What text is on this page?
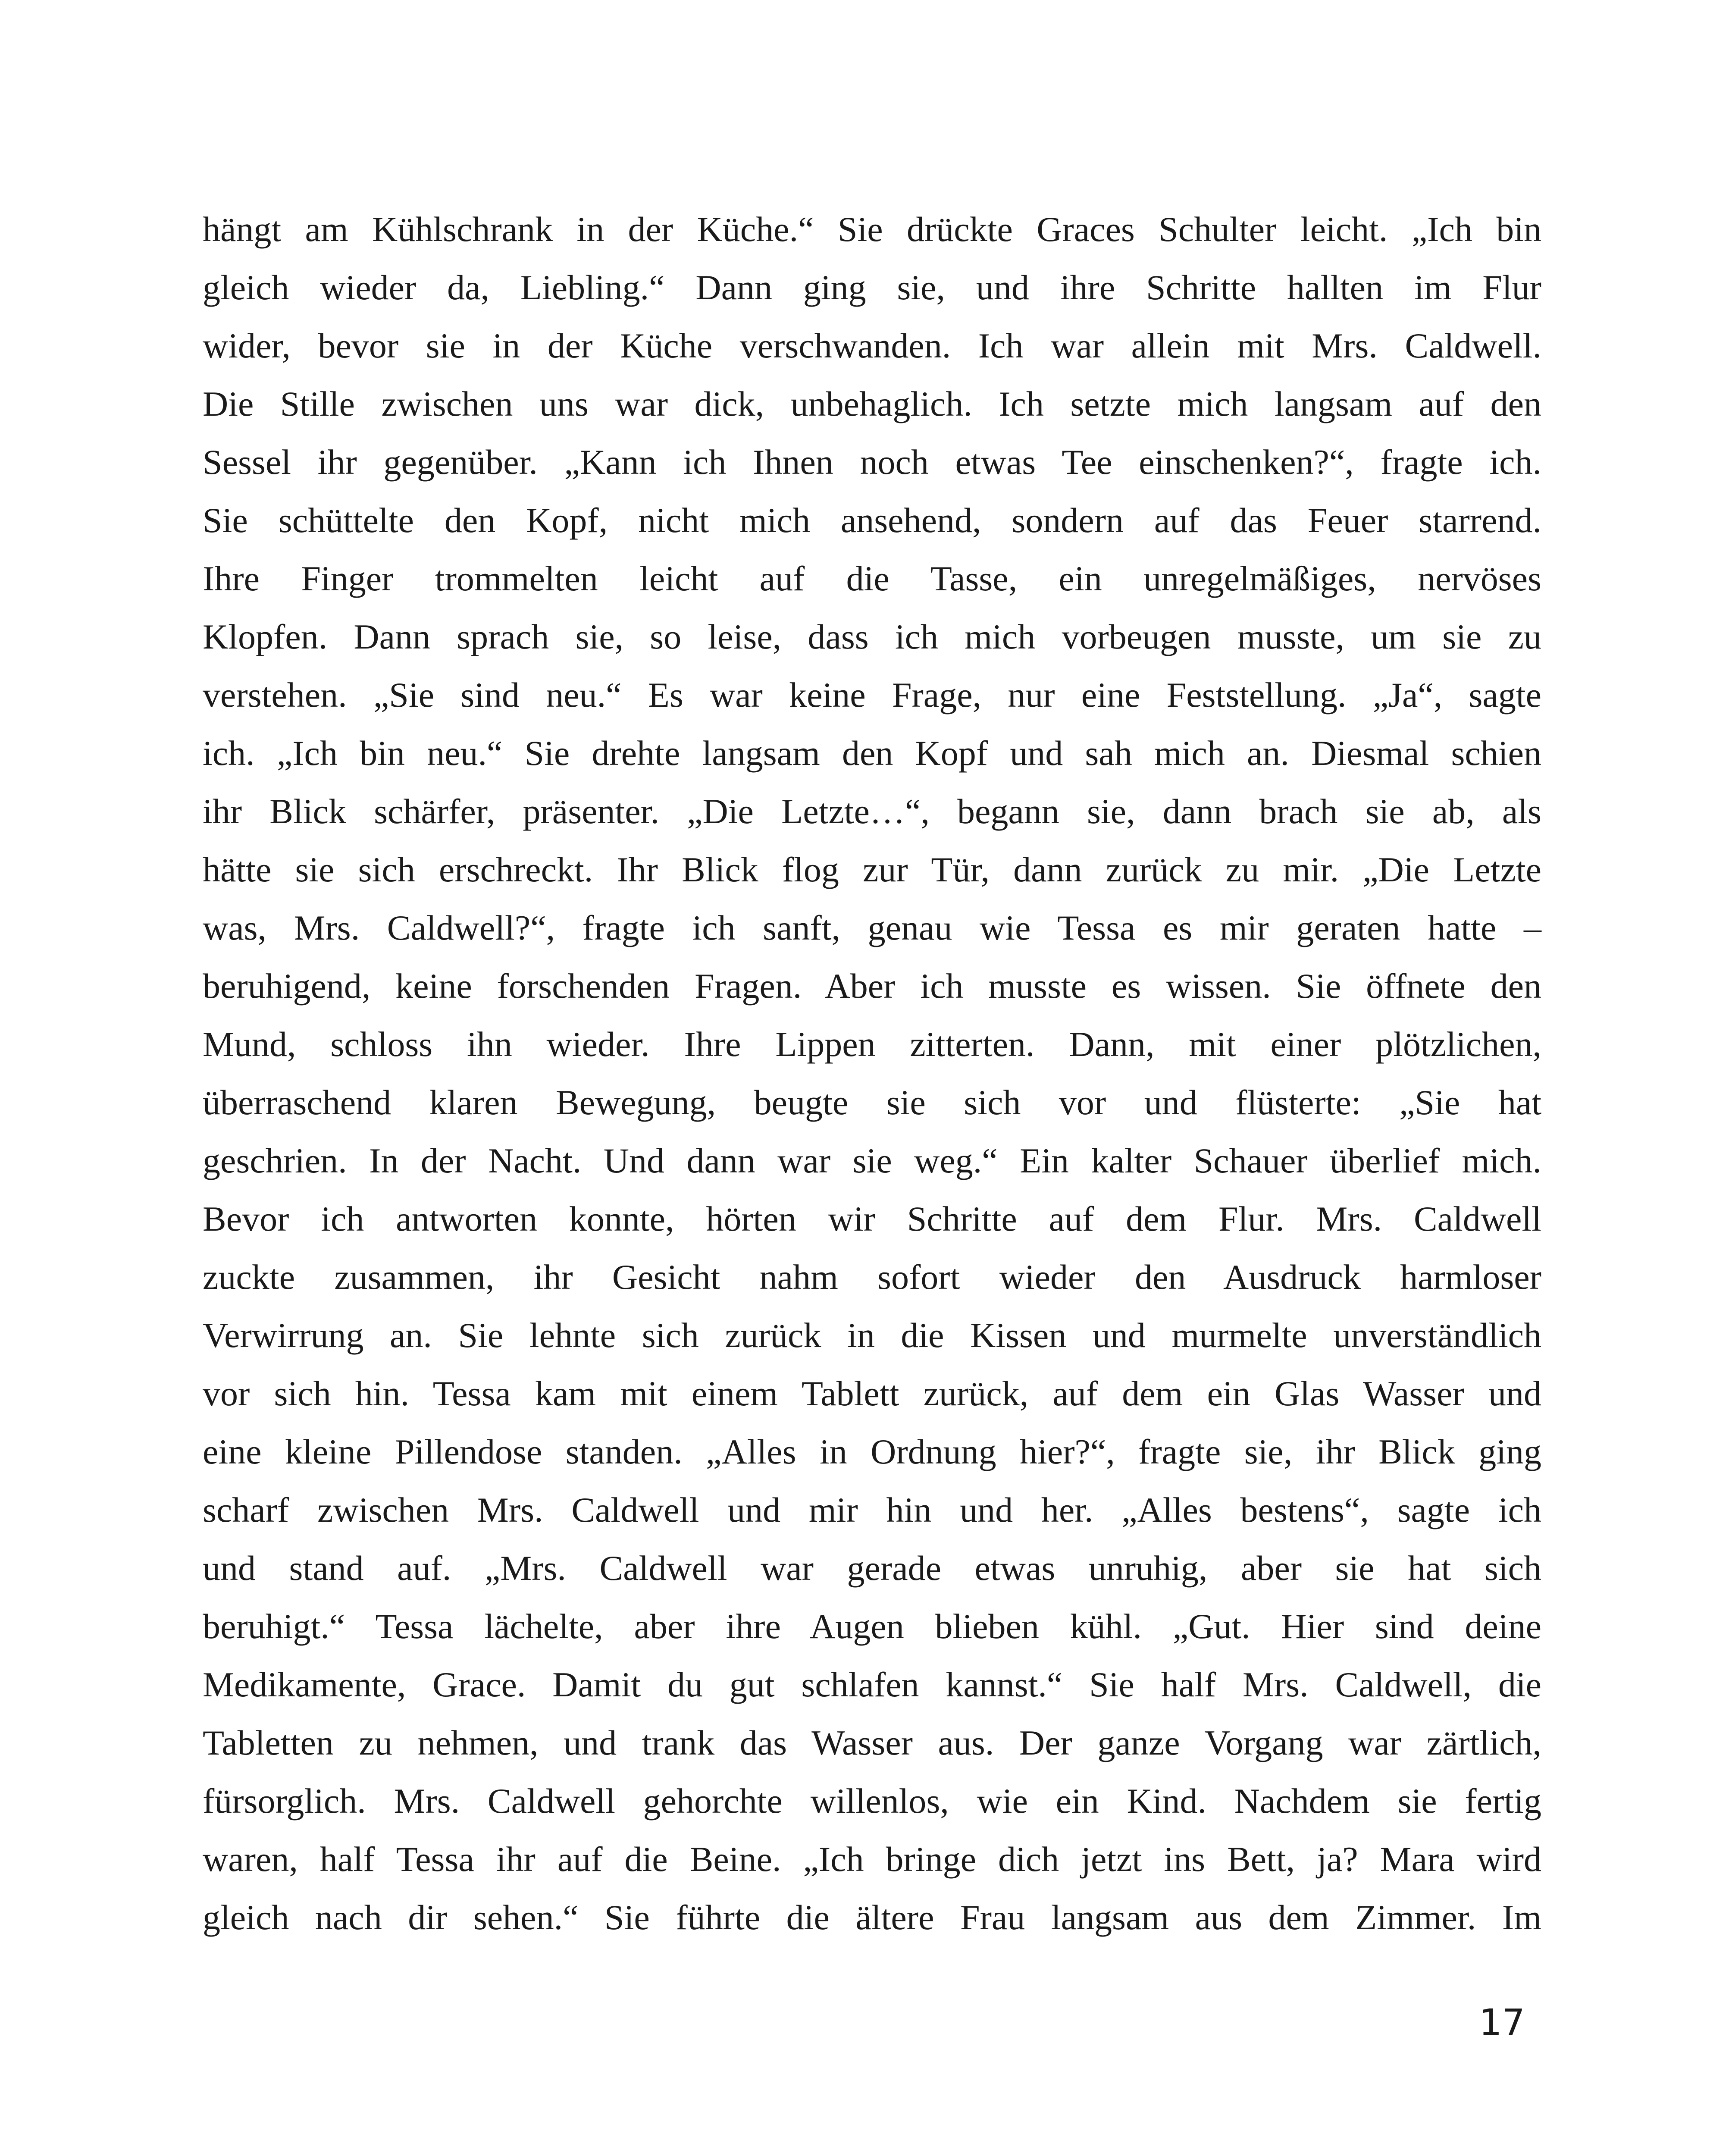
hängt am Kühlschrank in der Küche.“ Sie drückte Graces Schulter leicht. „Ich bin
gleich wieder da, Liebling.“ Dann ging sie, und ihre Schritte hallten im Flur
wider, bevor sie in der Küche verschwanden. Ich war allein mit Mrs. Caldwell.
Die Stille zwischen uns war dick, unbehaglich. Ich setzte mich langsam auf den
Sessel ihr gegenüber. „Kann ich Ihnen noch etwas Tee einschenken?“, fragte ich.
Sie schüttelte den Kopf, nicht mich ansehend, sondern auf das Feuer starrend.
Ihre Finger trommelten leicht auf die Tasse, ein unregelmäßiges, nervöses
Klopfen. Dann sprach sie, so leise, dass ich mich vorbeugen musste, um sie zu
verstehen. „Sie sind neu.“ Es war keine Frage, nur eine Feststellung. „Ja“, sagte
ich. „Ich bin neu.“ Sie drehte langsam den Kopf und sah mich an. Diesmal schien
ihr Blick schärfer, präsenter. „Die Letzte…“, begann sie, dann brach sie ab, als
hätte sie sich erschreckt. Ihr Blick flog zur Tür, dann zurück zu mir. „Die Letzte
was, Mrs. Caldwell?“, fragte ich sanft, genau wie Tessa es mir geraten hatte –
beruhigend, keine forschenden Fragen. Aber ich musste es wissen. Sie öffnete den
Mund, schloss ihn wieder. Ihre Lippen zitterten. Dann, mit einer plötzlichen,
überraschend klaren Bewegung, beugte sie sich vor und flüsterte: „Sie hat
geschrien. In der Nacht. Und dann war sie weg.“ Ein kalter Schauer überlief mich.
Bevor ich antworten konnte, hörten wir Schritte auf dem Flur. Mrs. Caldwell
zuckte zusammen, ihr Gesicht nahm sofort wieder den Ausdruck harmloser
Verwirrung an. Sie lehnte sich zurück in die Kissen und murmelte unverständlich
vor sich hin. Tessa kam mit einem Tablett zurück, auf dem ein Glas Wasser und
eine kleine Pillendose standen. „Alles in Ordnung hier?“, fragte sie, ihr Blick ging
scharf zwischen Mrs. Caldwell und mir hin und her. „Alles bestens“, sagte ich
und stand auf. „Mrs. Caldwell war gerade etwas unruhig, aber sie hat sich
beruhigt.“ Tessa lächelte, aber ihre Augen blieben kühl. „Gut. Hier sind deine
Medikamente, Grace. Damit du gut schlafen kannst.“ Sie half Mrs. Caldwell, die
Tabletten zu nehmen, und trank das Wasser aus. Der ganze Vorgang war zärtlich,
fürsorglich. Mrs. Caldwell gehorchte willenlos, wie ein Kind. Nachdem sie fertig
waren, half Tessa ihr auf die Beine. „Ich bringe dich jetzt ins Bett, ja? Mara wird
gleich nach dir sehen.“ Sie führte die ältere Frau langsam aus dem Zimmer. Im
17
